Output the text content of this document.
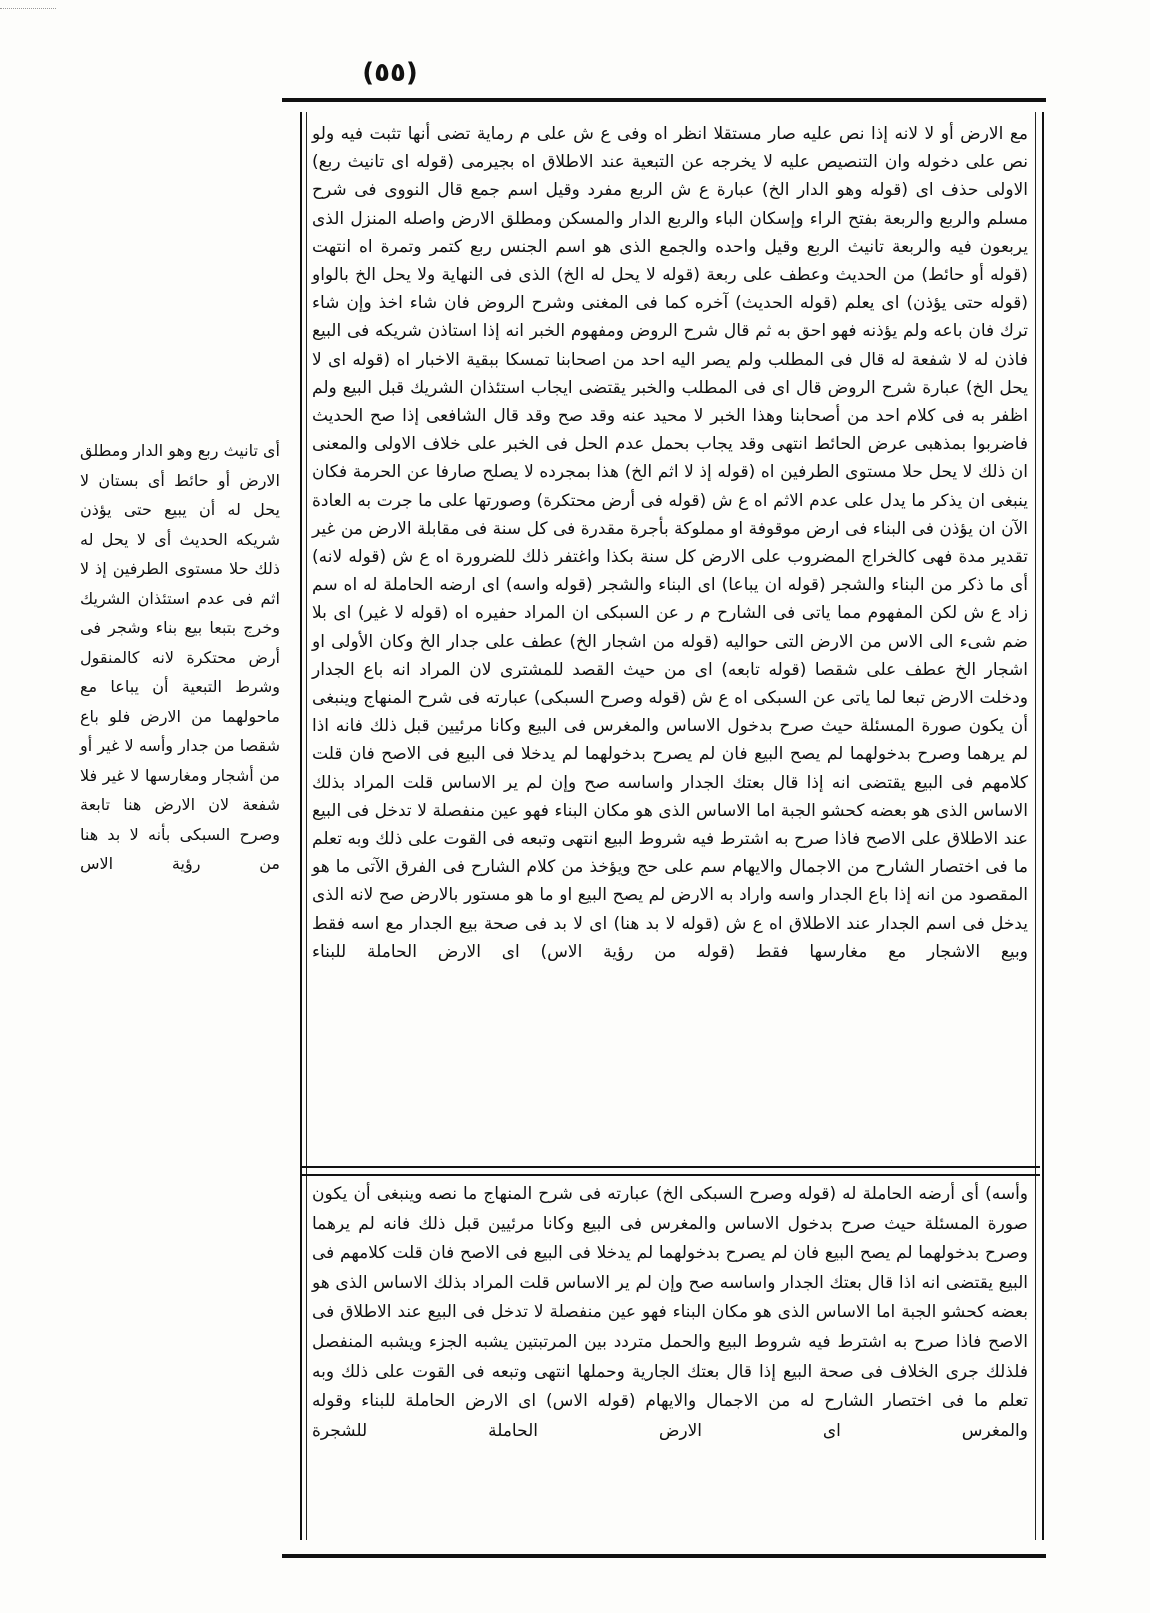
(٥٥)

مع الارض أو لا لانه إذا نص عليه صار مستقلا انظر اه وفى ع ش على م رماية تضى أنها تثبت فيه ولو نص على دخوله وان التنصيص عليه لا يخرجه عن التبعية عند الاطلاق اه بجيرمى (قوله اى تانيث ربع) الاولى حذف اى (قوله وهو الدار الخ) عبارة ع ش الربع مفرد وقيل اسم جمع قال النووى فى شرح مسلم والربع والربعة بفتح الراء وإسكان الباء والربع الدار والمسكن ومطلق الارض واصله المنزل الذى يربعون فيه والربعة تانيث الربع وقيل واحده والجمع الذى هو اسم الجنس ربع كتمر وتمرة اه انتهت (قوله أو حائط) من الحديث وعطف على ربعة (قوله لا يحل له الخ) الذى فى النهاية ولا يحل الخ بالواو (قوله حتى يؤذن) اى يعلم (قوله الحديث) آخره كما فى المغنى وشرح الروض فان شاء اخذ وإن شاء ترك فان باعه ولم يؤذنه فهو احق به ثم قال شرح الروض ومفهوم الخبر انه إذا استاذن شريكه فى البيع فاذن له لا شفعة له قال فى المطلب ولم يصر اليه احد من اصحابنا تمسكا ببقية الاخبار اه (قوله اى لا يحل الخ) عبارة شرح الروض قال اى فى المطلب والخبر يقتضى ايجاب استئذان الشريك قبل البيع ولم اظفر به فى كلام احد من أصحابنا وهذا الخبر لا محيد عنه وقد صح وقد قال الشافعى إذا صح الحديث فاضربوا بمذهبى عرض الحائط انتهى وقد يجاب بحمل عدم الحل فى الخبر على خلاف الاولى والمعنى ان ذلك لا يحل حلا مستوى الطرفين اه (قوله إذ لا اثم الخ) هذا بمجرده لا يصلح صارفا عن الحرمة فكان ينبغى ان يذكر ما يدل على عدم الاثم اه ع ش (قوله فى أرض محتكرة) وصورتها على ما جرت به العادة الآن ان يؤذن فى البناء فى ارض موقوفة او مملوكة بأجرة مقدرة فى كل سنة فى مقابلة الارض من غير تقدير مدة فهى كالخراج المضروب على الارض كل سنة بكذا واغتفر ذلك للضرورة اه ع ش (قوله لانه) أى ما ذكر من البناء والشجر (قوله ان يباعا) اى البناء والشجر (قوله واسه) اى ارضه الحاملة له اه سم زاد ع ش لكن المفهوم مما ياتى فى الشارح م ر عن السبكى ان المراد حفيره اه (قوله لا غير) اى بلا ضم شىء الى الاس من الارض التى حواليه (قوله من اشجار الخ) عطف على جدار الخ وكان الأولى او اشجار الخ عطف على شقصا (قوله تابعه) اى من حيث القصد للمشترى لان المراد انه باع الجدار ودخلت الارض تبعا لما ياتى عن السبكى اه ع ش (قوله وصرح السبكى) عبارته فى شرح المنهاج وينبغى أن يكون صورة المسئلة حيث صرح بدخول الاساس والمغرس فى البيع وكانا مرئيين قبل ذلك فانه اذا لم يرهما وصرح بدخولهما لم يصح البيع فان لم يصرح بدخولهما لم يدخلا فى البيع فى الاصح فان قلت كلامهم فى البيع يقتضى انه إذا قال بعتك الجدار واساسه صح وإن لم ير الاساس قلت المراد بذلك الاساس الذى هو بعضه كحشو الجبة اما الاساس الذى هو مكان البناء فهو عين منفصلة لا تدخل فى البيع عند الاطلاق على الاصح فاذا صرح به اشترط فيه شروط البيع انتهى وتبعه فى القوت على ذلك وبه تعلم ما فى اختصار الشارح من الاجمال والايهام سم على حج ويؤخذ من كلام الشارح فى الفرق الآتى ما هو المقصود من انه إذا باع الجدار واسه واراد به الارض لم يصح البيع او ما هو مستور بالارض صح لانه الذى يدخل فى اسم الجدار عند الاطلاق اه ع ش (قوله لا بد هنا) اى لا بد فى صحة بيع الجدار مع اسه فقط وبيع الاشجار مع مغارسها فقط (قوله من رؤية الاس) اى الارض الحاملة للبناء

وأسه) أى أرضه الحاملة له (قوله وصرح السبكى الخ) عبارته فى شرح المنهاج ما نصه وينبغى أن يكون صورة المسئلة حيث صرح بدخول الاساس والمغرس فى البيع وكانا مرئيين قبل ذلك فانه لم يرهما وصرح بدخولهما لم يصح البيع فان لم يصرح بدخولهما لم يدخلا فى البيع فى الاصح فان قلت كلامهم فى البيع يقتضى انه اذا قال بعتك الجدار واساسه صح وإن لم ير الاساس قلت المراد بذلك الاساس الذى هو بعضه كحشو الجبة اما الاساس الذى هو مكان البناء فهو عين منفصلة لا تدخل فى البيع عند الاطلاق فى الاصح فاذا صرح به اشترط فيه شروط البيع والحمل متردد بين المرتبتين يشبه الجزء ويشبه المنفصل فلذلك جرى الخلاف فى صحة البيع إذا قال بعتك الجارية وحملها انتهى وتبعه فى القوت على ذلك وبه تعلم ما فى اختصار الشارح له من الاجمال والايهام (قوله الاس) اى الارض الحاملة للبناء وقوله والمغرس اى الارض الحاملة للشجرة

أى تانيث ربع وهو الدار ومطلق الارض أو حائط أى بستان لا يحل له أن يبيع حتى يؤذن شريكه الحديث أى لا يحل له ذلك حلا مستوى الطرفين إذ لا اثم فى عدم استئذان الشريك وخرج بتبعا بيع بناء وشجر فى أرض محتكرة لانه كالمنقول وشرط التبعية أن يباعا مع ماحولهما من الارض فلو باع شقصا من جدار وأسه لا غير أو من أشجار ومغارسها لا غير فلا شفعة لان الارض هنا تابعة وصرح السبكى بأنه لا بد هنا من رؤية الاس
